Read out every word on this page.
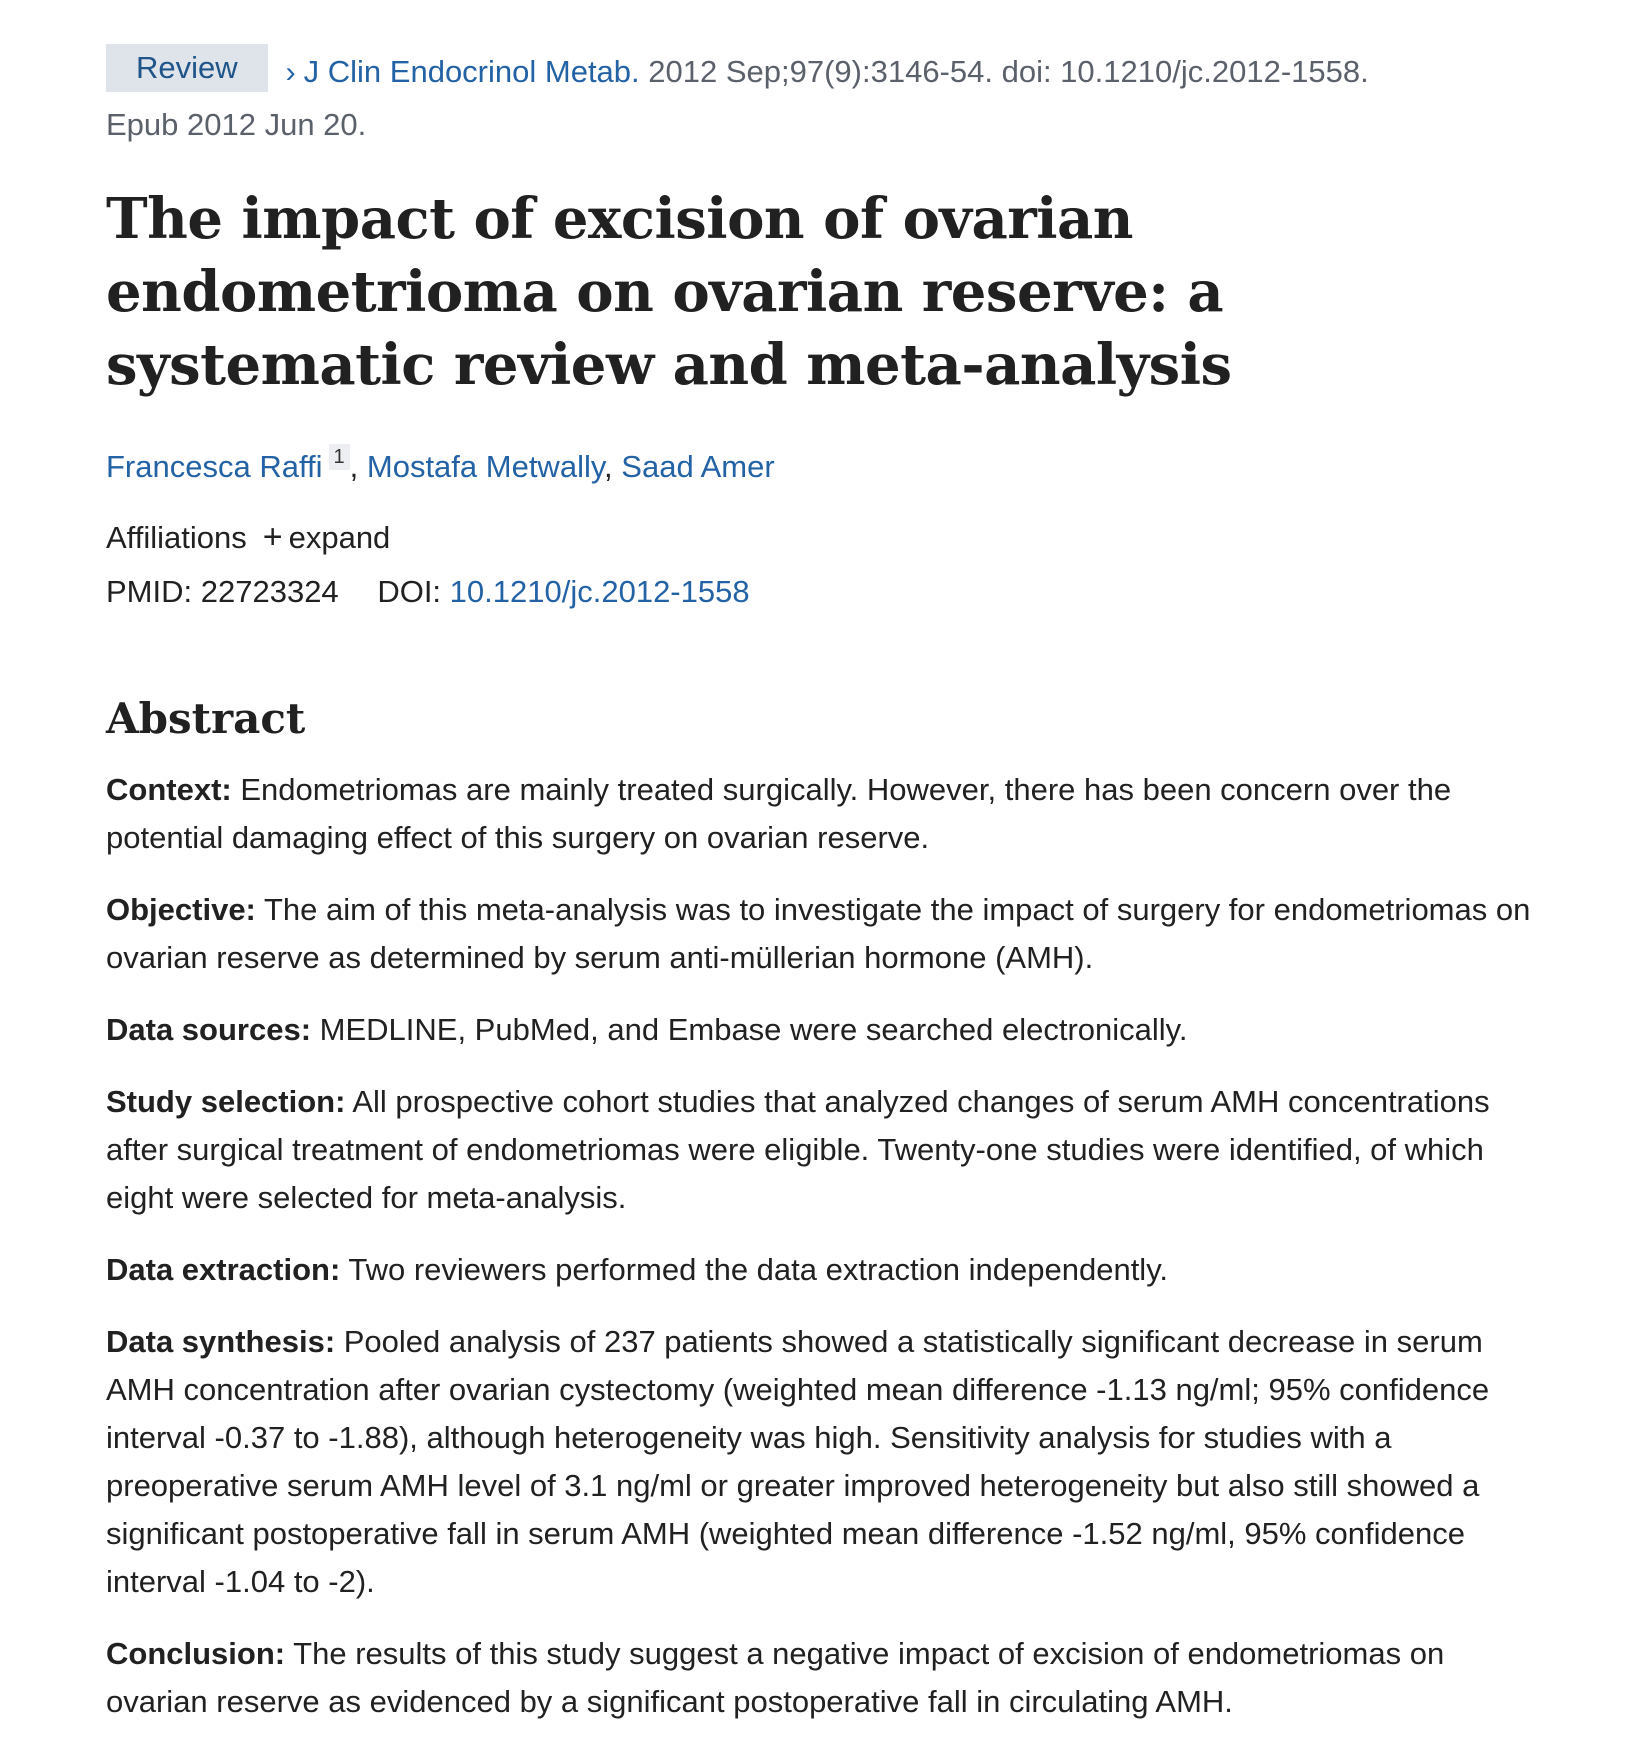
Review › J Clin Endocrinol Metab. 2012 Sep;97(9):3146-54. doi: 10.1210/jc.2012-1558.
Epub 2012 Jun 20.
The impact of excision of ovarian endometrioma on ovarian reserve: a systematic review and meta-analysis
Francesca Raffi 1 , Mostafa Metwally, Saad Amer
Affiliations + expand
PMID: 22723324 DOI: 10.1210/jc.2012-1558
Abstract

Context: Endometriomas are mainly treated surgically. However, there has been concern over the potential damaging effect of this surgery on ovarian reserve.

Objective: The aim of this meta-analysis was to investigate the impact of surgery for endometriomas on ovarian reserve as determined by serum anti-müllerian hormone (AMH).

Data sources: MEDLINE, PubMed, and Embase were searched electronically.

Study selection: All prospective cohort studies that analyzed changes of serum AMH concentrations after surgical treatment of endometriomas were eligible. Twenty-one studies were identified, of which eight were selected for meta-analysis.

Data extraction: Two reviewers performed the data extraction independently.

Data synthesis: Pooled analysis of 237 patients showed a statistically significant decrease in serum AMH concentration after ovarian cystectomy (weighted mean difference -1.13 ng/ml; 95% confidence interval -0.37 to -1.88), although heterogeneity was high. Sensitivity analysis for studies with a preoperative serum AMH level of 3.1 ng/ml or greater improved heterogeneity but also still showed a significant postoperative fall in serum AMH (weighted mean difference -1.52 ng/ml, 95% confidence interval -1.04 to -2).

Conclusion: The results of this study suggest a negative impact of excision of endometriomas on ovarian reserve as evidenced by a significant postoperative fall in circulating AMH.
